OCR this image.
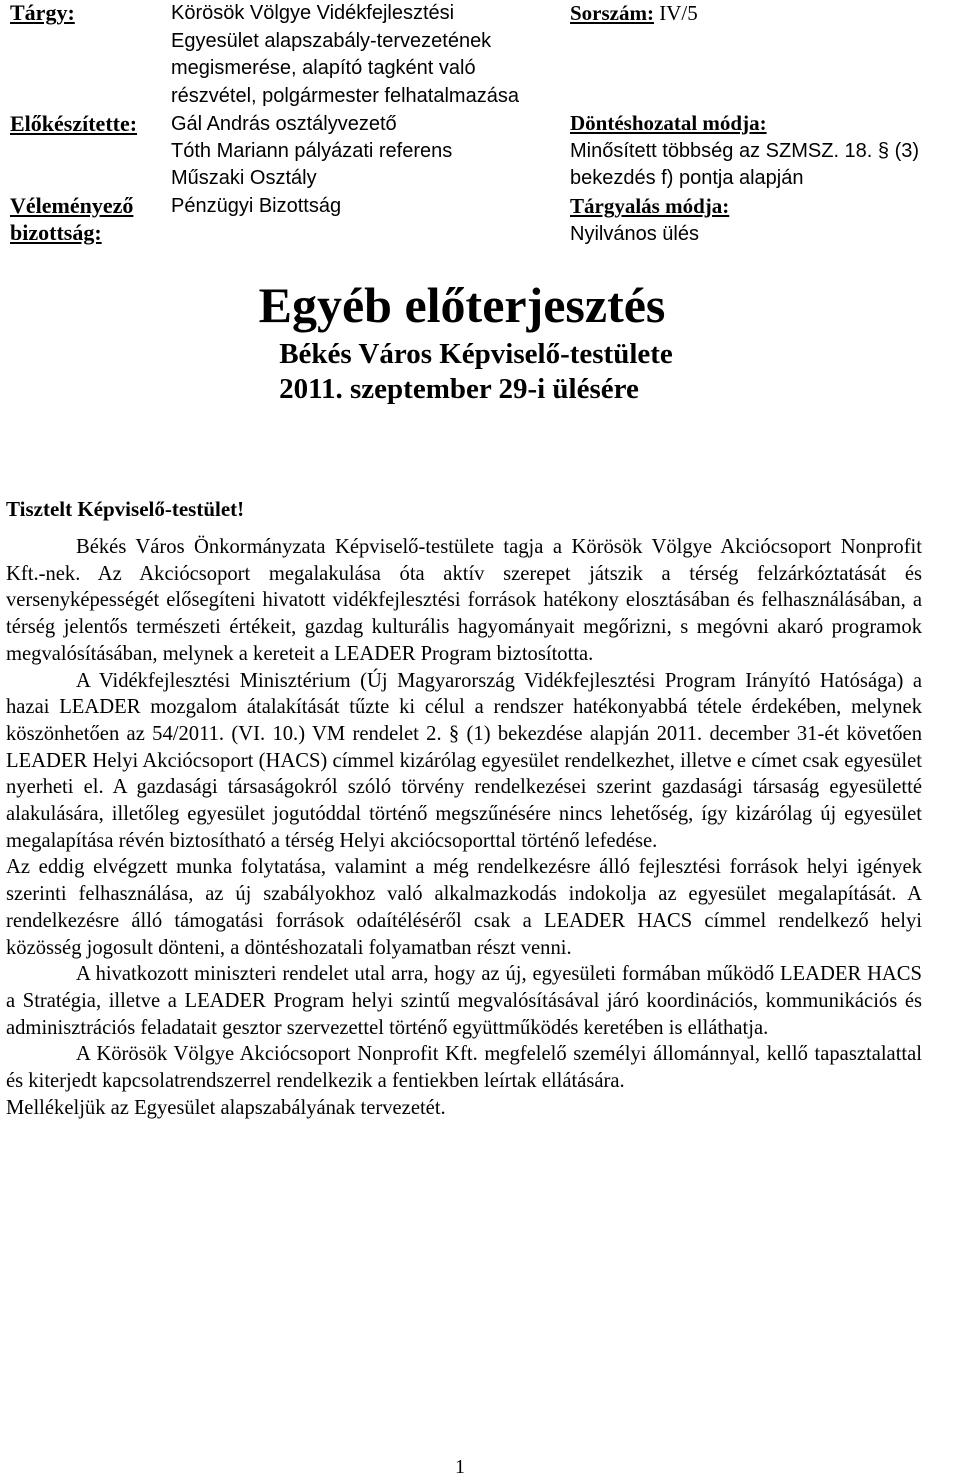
Tárgy:	Körösök Völgye Vidékfejlesztési
Egyesület alapszabály-tervezetének
megismerése, alapító tagként való
részvétel, polgármester felhatalmazása
Sorszám: IV/5
Előkészítette: Gál András osztályvezető
Tóth Mariann pályázati referens
Műszaki Osztály
Döntéshozatal módja:
Minősített többség az SZMSZ. 18. § (3)
bekezdés f) pontja alapján
Véleményező
bizottság:
Pénzügyi Bizottság	Tárgyalás módja:
Nyilvános ülés
Egyéb előterjesztés
Békés Város Képviselő-testülete
2011. szeptember 29-i ülésére
Tisztelt Képviselő-testület!

Békés Város Önkormányzata Képviselő-testülete tagja a Körösök Völgye Akciócsoport Nonprofit Kft.-nek. Az Akciócsoport megalakulása óta aktív szerepet játszik a térség felzárkóztatását és versenyképességét elősegíteni hivatott vidékfejlesztési források hatékony elosztásában és felhasználásában, a térség jelentős természeti értékeit, gazdag kulturális hagyományait megőrizni, s megóvni akaró programok megvalósításában, melynek a kereteit a LEADER Program biztosította.

A Vidékfejlesztési Minisztérium (Új Magyarország Vidékfejlesztési Program Irányító Hatósága) a hazai LEADER mozgalom átalakítását tűzte ki célul a rendszer hatékonyabbá tétele érdekében, melynek köszönhetően az 54/2011. (VI. 10.) VM rendelet 2. § (1) bekezdése alapján 2011. december 31-ét követően LEADER Helyi Akciócsoport (HACS) címmel kizárólag egyesület rendelkezhet, illetve e címet csak egyesület nyerheti el. A gazdasági társaságokról szóló törvény rendelkezései szerint gazdasági társaság egyesületté alakulására, illetőleg egyesület jogutóddal történő megszűnésére nincs lehetőség, így kizárólag új egyesület megalapítása révén biztosítható a térség Helyi akciócsoporttal történő lefedése.

Az eddig elvégzett munka folytatása, valamint a még rendelkezésre álló fejlesztési források helyi igények szerinti felhasználása, az új szabályokhoz való alkalmazkodás indokolja az egyesület megalapítását. A rendelkezésre álló támogatási források odaítéléséről csak a LEADER HACS címmel rendelkező helyi közösség jogosult dönteni, a döntéshozatali folyamatban részt venni.

A hivatkozott miniszteri rendelet utal arra, hogy az új, egyesületi formában működő LEADER HACS a Stratégia, illetve a LEADER Program helyi szintű megvalósításával járó koordinációs, kommunikációs és adminisztrációs feladatait gesztor szervezettel történő együttműködés keretében is elláthatja.

A Körösök Völgye Akciócsoport Nonprofit Kft. megfelelő személyi állománnyal, kellő tapasztalattal és kiterjedt kapcsolatrendszerrel rendelkezik a fentiekben leírtak ellátására.

Mellékeljük az Egyesület alapszabályának tervezetét.

1
